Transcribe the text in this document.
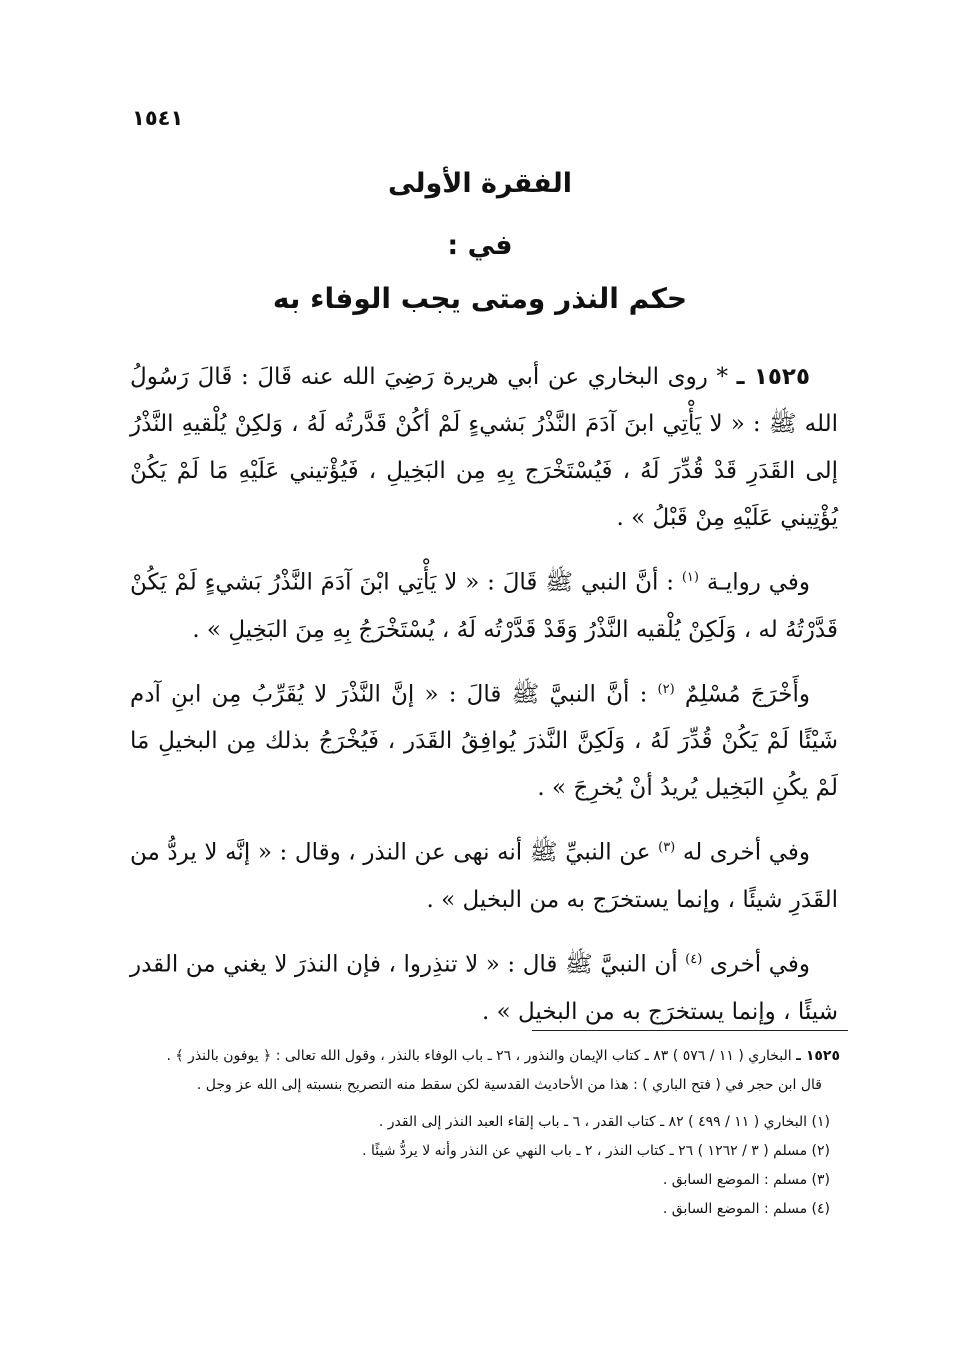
١٥٤١
الفقرة الأولى
في :
حكم النذر ومتى يجب الوفاء به

١٥٢٥ ـ * روى البخاري عن أبي هريرة رَضِيَ الله عنه قَالَ : قَالَ رَسُولُ الله ﷺ : « لا يَأْتِي ابنَ آدَمَ النَّذْرُ بَشيءٍ لَمْ أكُنْ قَدَّرتُه لَهُ ، وَلكِنْ يُلْقيهِ النَّذْرُ إلى القَدَرِ قَدْ قُدِّرَ لَهُ ، فَيُسْتَخْرَج بِهِ مِن البَخِيلِ ، فَيُؤْتيني عَلَيْهِ مَا لَمْ يَكُنْ يُؤْتِيني عَلَيْهِ مِنْ قَبْلُ » .

وفي روايـة $^{(١)}$ : أنَّ النبي ﷺ قَالَ : « لا يَأْتِي ابْنَ آدَمَ النَّذْرُ بَشيءٍ لَمْ يَكُنْ قَدَّرْتُهُ له ، وَلَكِنْ يُلْقيه النَّذْرُ وَقَدْ قَدَّرْتُه لَهُ ، يُسْتَخْرَجُ بِهِ مِنَ البَخِيلِ » .

وأَخْرَجَ مُسْلِمٌ $^{(٢)}$ : أنَّ النبيَّ ﷺ قالَ : « إنَّ النَّذْرَ لا يُقَرِّبُ مِن ابنِ آدم شَيْئًا لَمْ يَكُنْ قُدِّرَ لَهُ ، وَلَكِنَّ النَّذرَ يُوافِقُ القَدَر ، فَيُخْرَجُ بذلك مِن البخيلِ مَا لَمْ يكُنِ البَخِيل يُريدُ أنْ يُخرِجَ » .

وفي أخرى له $^{(٣)}$ عن النبيِّ ﷺ أنه نهى عن النذر ، وقال : « إنَّه لا يردُّ من القَدَرِ شيئًا ، وإنما يستخرَج به من البخيل » .

وفي أخرى $^{(٤)}$ أن النبيَّ ﷺ قال : « لا تنذِروا ، فإن النذرَ لا يغني من القدر شيئًا ، وإنما يستخرَج به من البخيل » .

١٥٢٥ ـ البخاري ( ١١ / ٥٧٦ ) ٨٣ ـ كتاب الإيمان والنذور ، ٢٦ ـ باب الوفاء بالنذر ، وقول الله تعالى : ﴿ يوفون بالنذر ﴾ .

قال ابن حجر في ( فتح الباري ) : هذا من الأحاديث القدسية لكن سقط منه التصريح بنسبته إلى الله عز وجل .

(١) البخاري ( ١١ / ٤٩٩ ) ٨٢ ـ كتاب القدر ، ٦ ـ باب إلقاء العبد النذر إلى القدر .

(٢) مسلم ( ٣ / ١٢٦٢ ) ٢٦ ـ كتاب النذر ، ٢ ـ باب النهي عن النذر وأنه لا يردُّ شيئًا .

(٣) مسلم : الموضع السابق .

(٤) مسلم : الموضع السابق .
